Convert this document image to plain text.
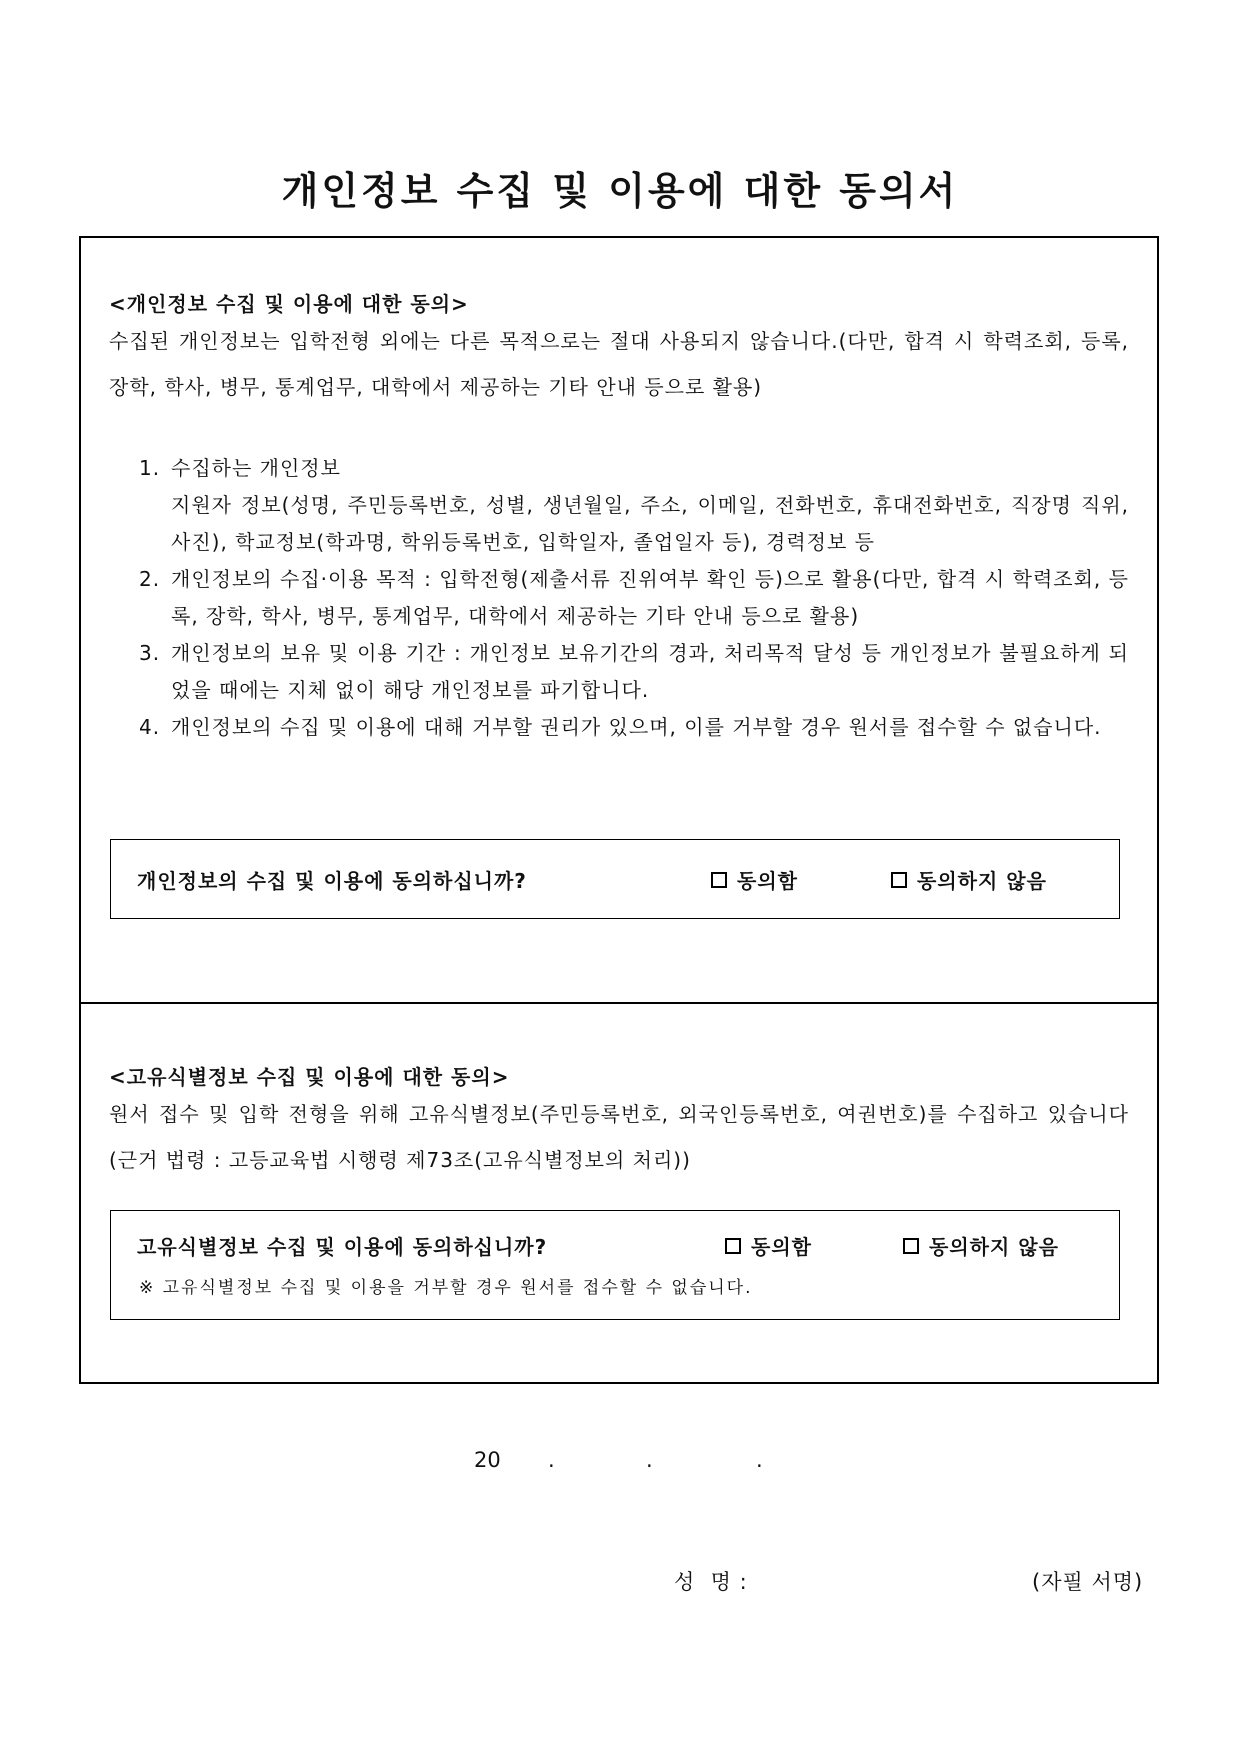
개인정보 수집 및 이용에 대한 동의서

<개인정보 수집 및 이용에 대한 동의>

수집된 개인정보는 입학전형 외에는 다른 목적으로는 절대 사용되지 않습니다.(다만, 합격 시 학력조회, 등록, 장학, 학사, 병무, 통계업무, 대학에서 제공하는 기타 안내 등으로 활용)

1. 수집하는 개인정보
지원자 정보(성명, 주민등록번호, 성별, 생년월일, 주소, 이메일, 전화번호, 휴대전화번호, 직장명 직위, 사진), 학교정보(학과명, 학위등록번호, 입학일자, 졸업일자 등), 경력정보 등
2. 개인정보의 수집·이용 목적 : 입학전형(제출서류 진위여부 확인 등)으로 활용(다만, 합격 시 학력조회, 등록, 장학, 학사, 병무, 통계업무, 대학에서 제공하는 기타 안내 등으로 활용)
3. 개인정보의 보유 및 이용 기간 : 개인정보 보유기간의 경과, 처리목적 달성 등 개인정보가 불필요하게 되었을 때에는 지체 없이 해당 개인정보를 파기합니다.
4. 개인정보의 수집 및 이용에 대해 거부할 권리가 있으며, 이를 거부할 경우 원서를 접수할 수 없습니다.
개인정보의 수집 및 이용에 동의하십니까?	동의함	동의하지 않음

<고유식별정보 수집 및 이용에 대한 동의>

원서 접수 및 입학 전형을 위해 고유식별정보(주민등록번호, 외국인등록번호, 여권번호)를 수집하고 있습니다(근거 법령 : 고등교육법 시행령 제73조(고유식별정보의 처리))

고유식별정보 수집 및 이용에 동의하십니까?	동의함	동의하지 않음
※ 고유식별정보 수집 및 이용을 거부할 경우 원서를 접수할 수 없습니다.
20 .	.	.
성  명 :	(자필 서명)
